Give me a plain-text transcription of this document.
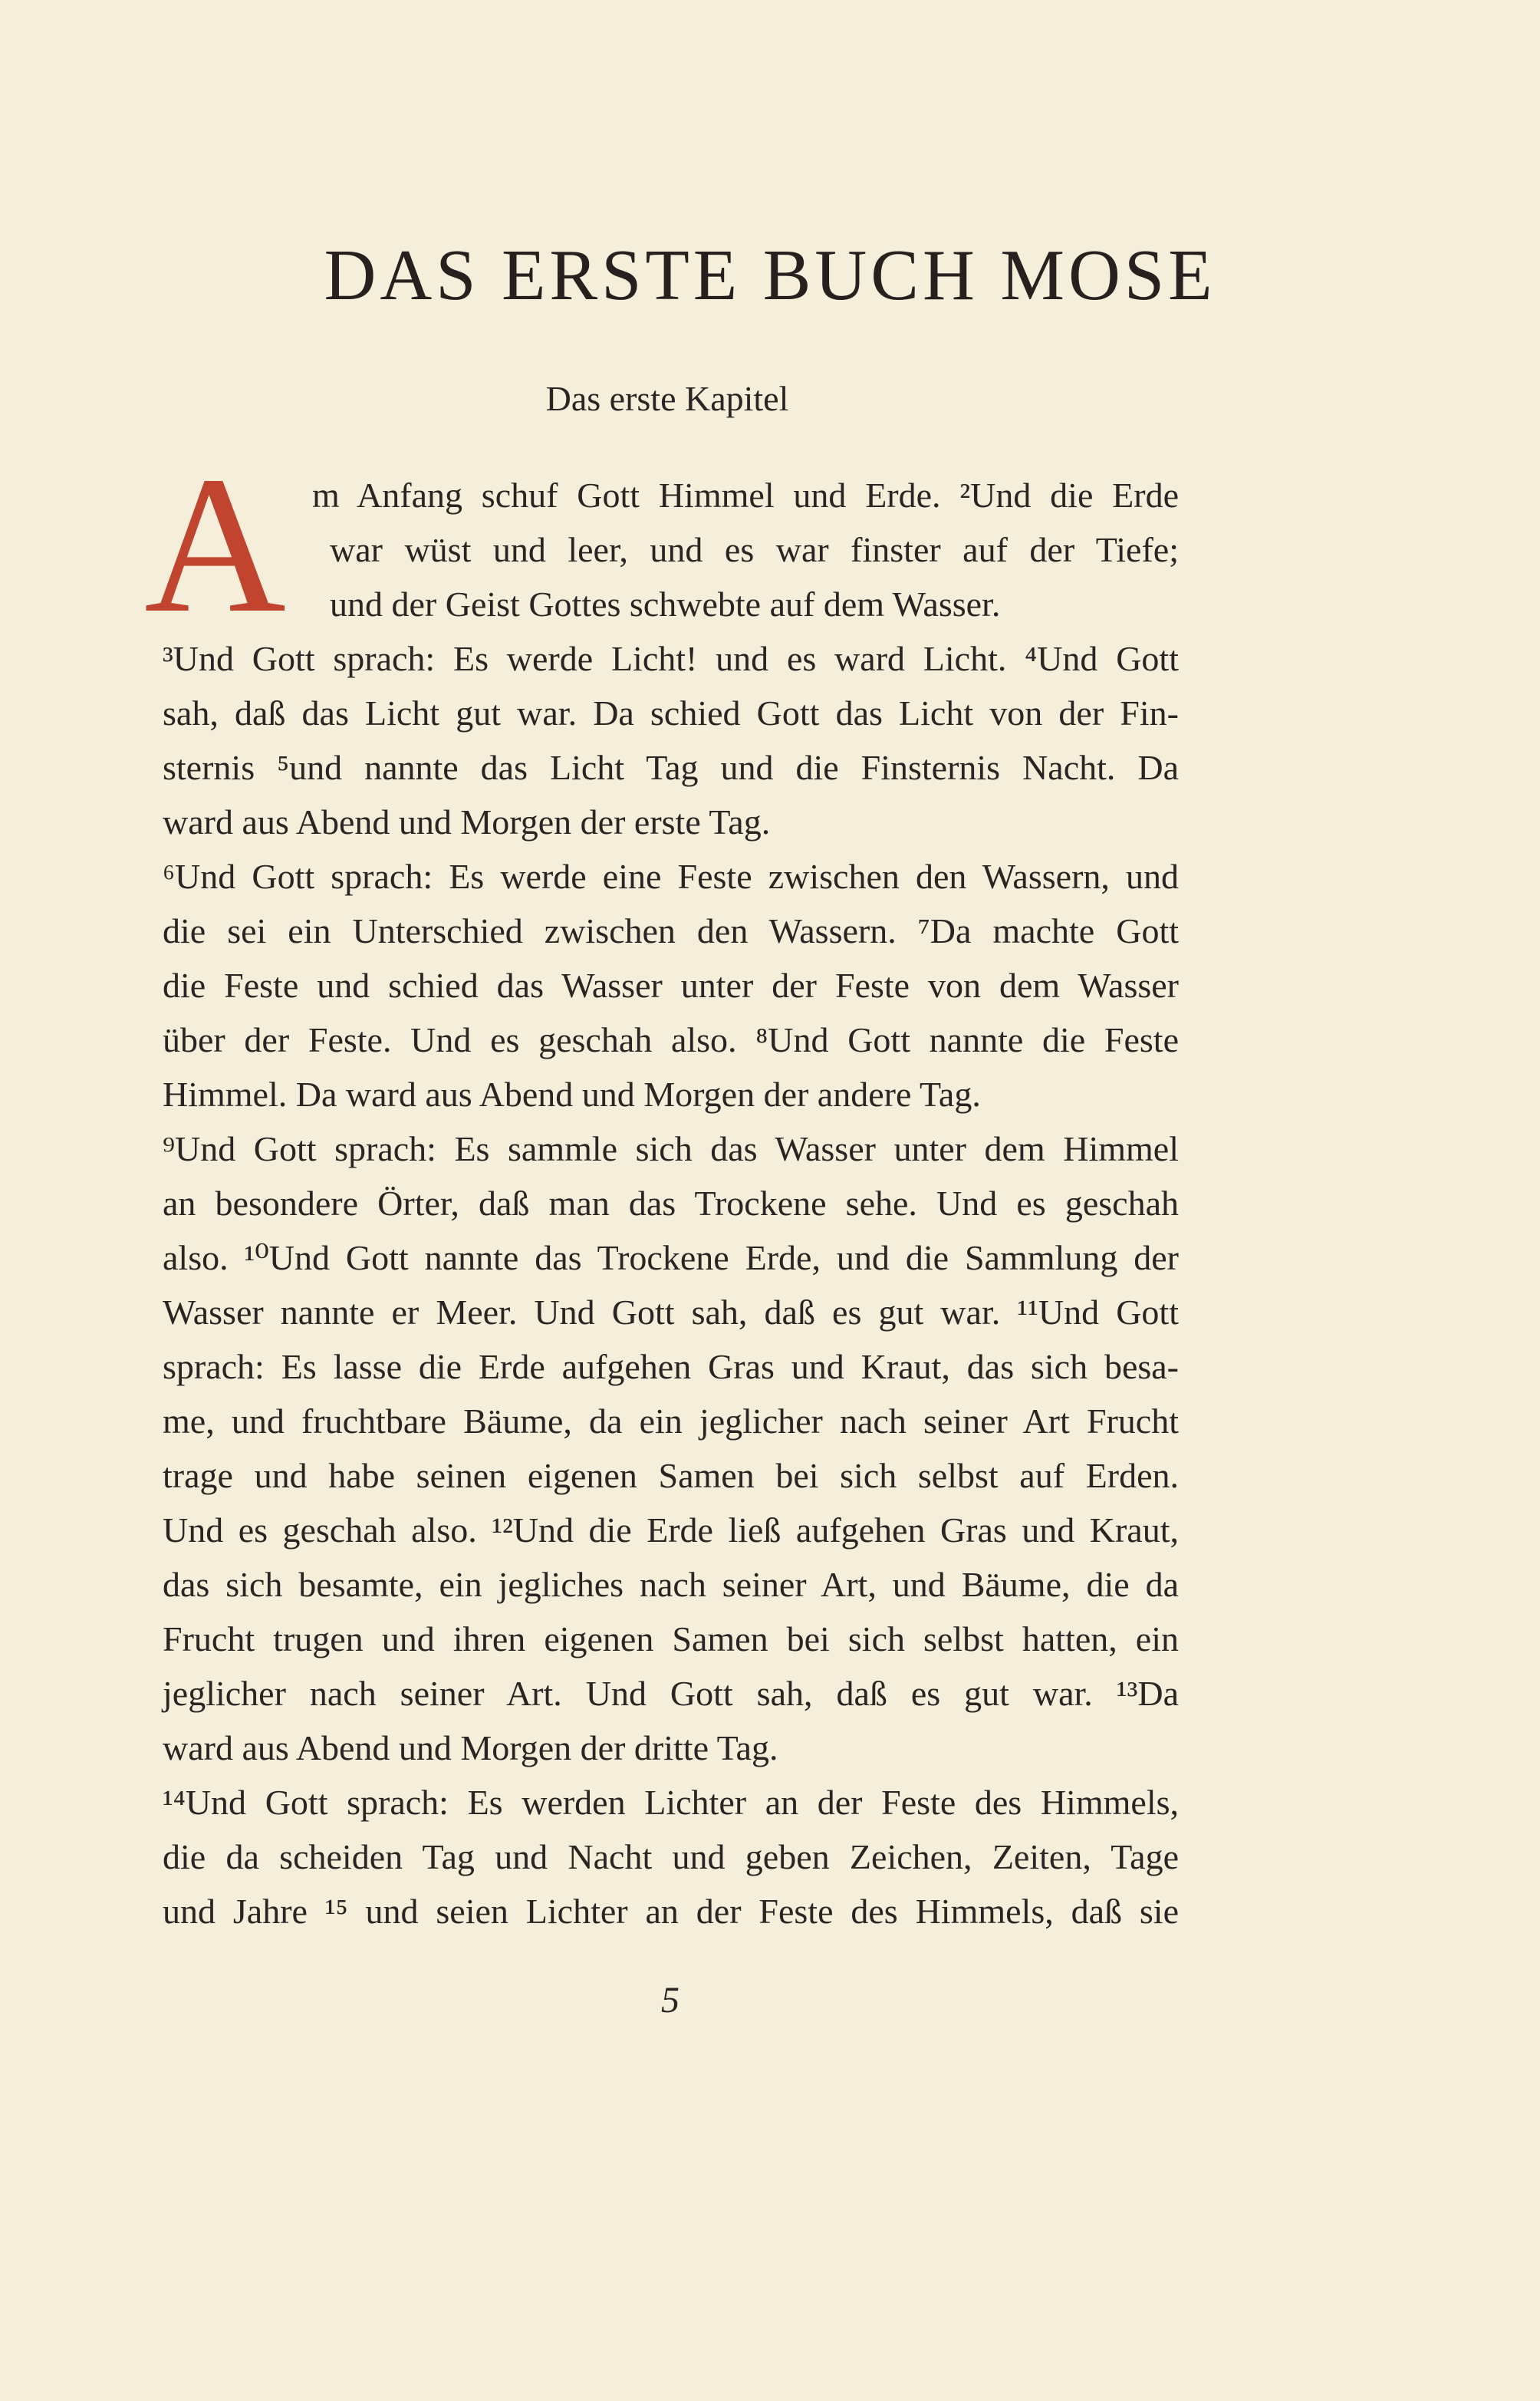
DAS ERSTE BUCH MOSE
Das erste Kapitel
A m Anfang schuf Gott Himmel und Erde. ²Und die Erde
war wüst und leer, und es war finster auf der Tiefe;
und der Geist Gottes schwebte auf dem Wasser.

³Und Gott sprach: Es werde Licht! und es ward Licht. ⁴Und Gott
sah, daß das Licht gut war. Da schied Gott das Licht von der Fin-
sternis ⁵und nannte das Licht Tag und die Finsternis Nacht. Da
ward aus Abend und Morgen der erste Tag.

⁶Und Gott sprach: Es werde eine Feste zwischen den Wassern, und
die sei ein Unterschied zwischen den Wassern. ⁷Da machte Gott
die Feste und schied das Wasser unter der Feste von dem Wasser
über der Feste. Und es geschah also. ⁸Und Gott nannte die Feste
Himmel. Da ward aus Abend und Morgen der andere Tag.

⁹Und Gott sprach: Es sammle sich das Wasser unter dem Himmel
an besondere Örter, daß man das Trockene sehe. Und es geschah
also. ¹⁰Und Gott nannte das Trockene Erde, und die Sammlung der
Wasser nannte er Meer. Und Gott sah, daß es gut war. ¹¹Und Gott
sprach: Es lasse die Erde aufgehen Gras und Kraut, das sich besa-
me, und fruchtbare Bäume, da ein jeglicher nach seiner Art Frucht
trage und habe seinen eigenen Samen bei sich selbst auf Erden.
Und es geschah also. ¹²Und die Erde ließ aufgehen Gras und Kraut,
das sich besamte, ein jegliches nach seiner Art, und Bäume, die da
Frucht trugen und ihren eigenen Samen bei sich selbst hatten, ein
jeglicher nach seiner Art. Und Gott sah, daß es gut war. ¹³Da
ward aus Abend und Morgen der dritte Tag.

¹⁴Und Gott sprach: Es werden Lichter an der Feste des Himmels,
die da scheiden Tag und Nacht und geben Zeichen, Zeiten, Tage
und Jahre ¹⁵ und seien Lichter an der Feste des Himmels, daß sie

5
